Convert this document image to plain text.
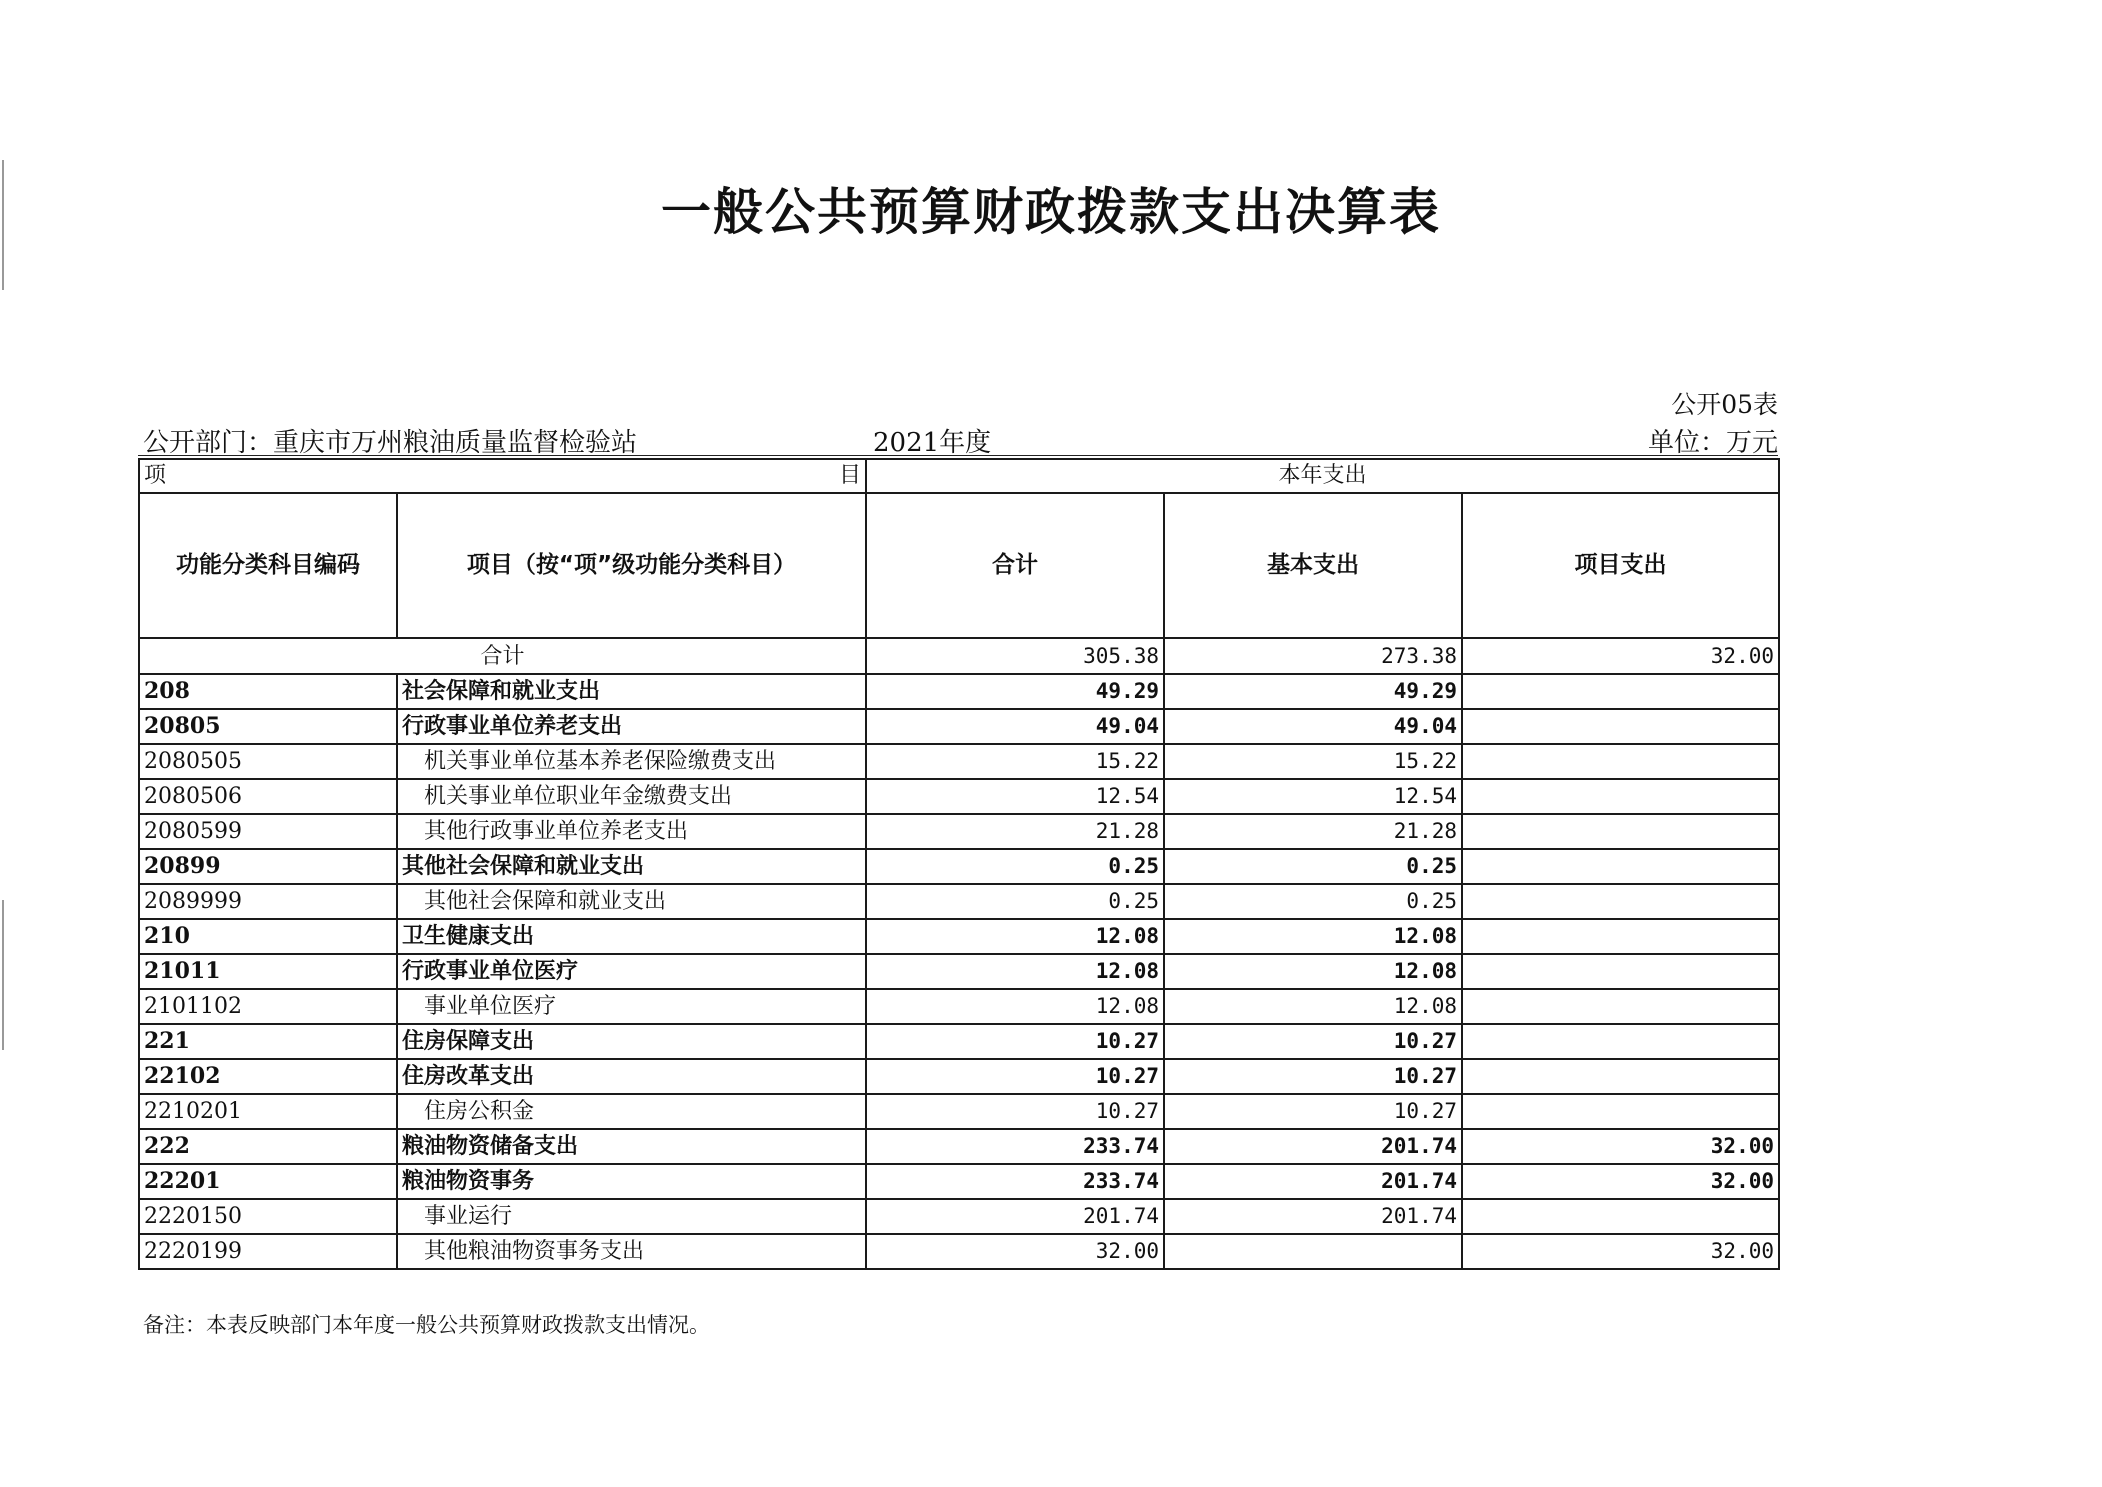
一般公共预算财政拨款支出决算表
公开05表
公开部门：重庆市万州粮油质量监督检验站	2021年度	单位：万元
项 目		本年支出		
功能分类科目编码	项目（按“项”级功能分类科目）	合计	基本支出	项目支出
合计		305.38	273.38	32.00
208	社会保障和就业支出	49.29	49.29	
20805	行政事业单位养老支出	49.04	49.04	
2080505	机关事业单位基本养老保险缴费支出	15.22	15.22	
2080506	机关事业单位职业年金缴费支出	12.54	12.54	
2080599	其他行政事业单位养老支出	21.28	21.28	
20899	其他社会保障和就业支出	0.25	0.25	
2089999	其他社会保障和就业支出	0.25	0.25	
210	卫生健康支出	12.08	12.08	
21011	行政事业单位医疗	12.08	12.08	
2101102	事业单位医疗	12.08	12.08	
221	住房保障支出	10.27	10.27	
22102	住房改革支出	10.27	10.27	
2210201	住房公积金	10.27	10.27	
222	粮油物资储备支出	233.74	201.74	32.00
22201	粮油物资事务	233.74	201.74	32.00
2220150	事业运行	201.74	201.74	
2220199	其他粮油物资事务支出	32.00		32.00
备注：本表反映部门本年度一般公共预算财政拨款支出情况。
